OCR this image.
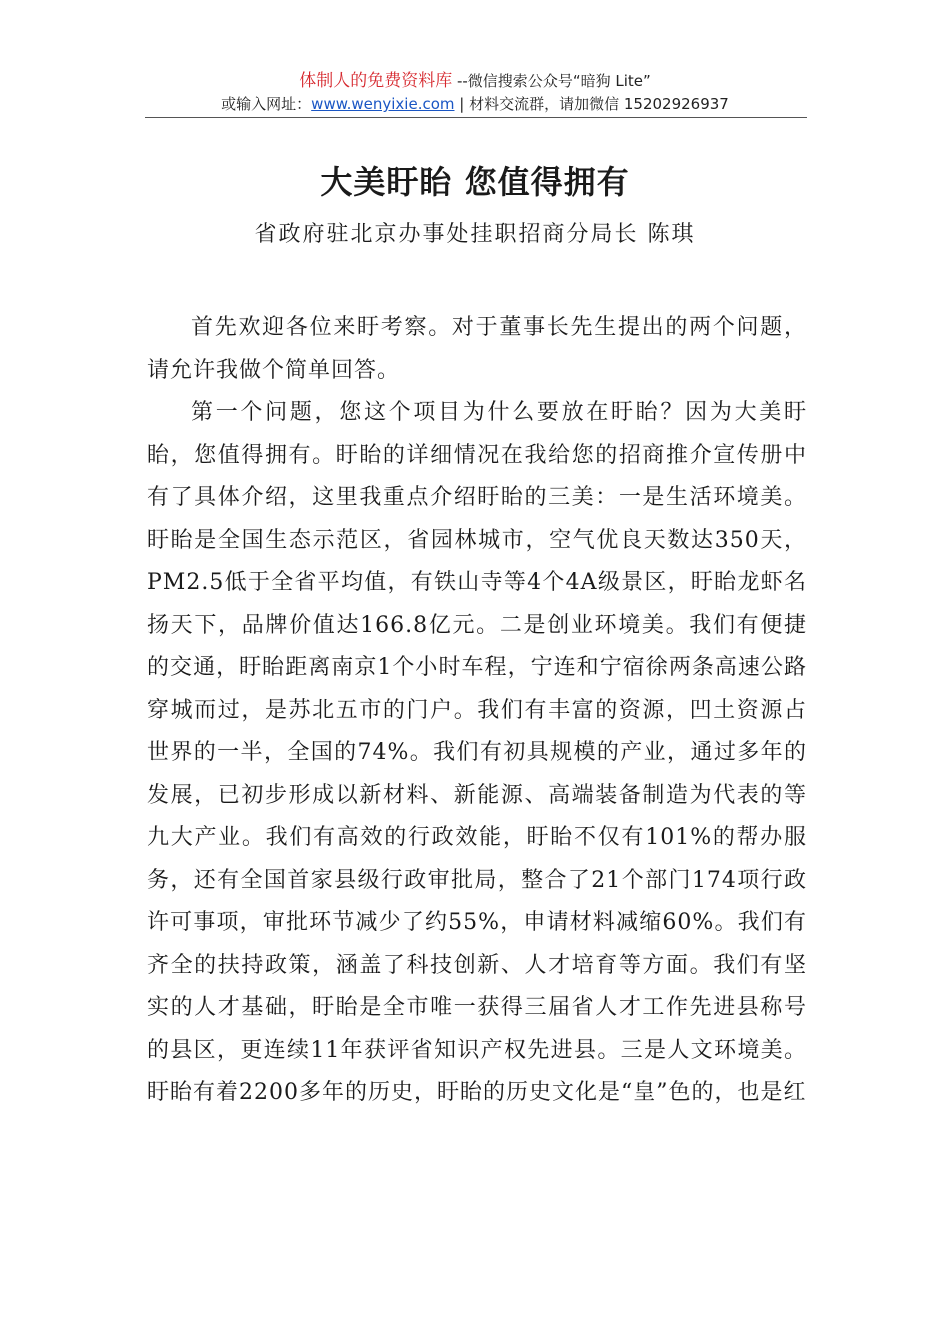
体制人的免费资料库 --微信搜索公众号“暗狗 Lite”
或输入网址：www.wenyixie.com | 材料交流群，请加微信 15202926937
大美盱眙 您值得拥有
省政府驻北京办事处挂职招商分局长 陈琪

首先欢迎各位来盱考察。对于董事长先生提出的两个问题，请允许我做个简单回答。

第一个问题，您这个项目为什么要放在盱眙？因为大美盱眙，您值得拥有。盱眙的详细情况在我给您的招商推介宣传册中有了具体介绍，这里我重点介绍盱眙的三美：一是生活环境美。盱眙是全国生态示范区，省园林城市，空气优良天数达350天，PM2.5低于全省平均值，有铁山寺等4个4A级景区，盱眙龙虾名扬天下，品牌价值达166.8亿元。二是创业环境美。我们有便捷的交通，盱眙距离南京1个小时车程，宁连和宁宿徐两条高速公路穿城而过，是苏北五市的门户。我们有丰富的资源，凹土资源占世界的一半，全国的74%。我们有初具规模的产业，通过多年的发展，已初步形成以新材料、新能源、高端装备制造为代表的等九大产业。我们有高效的行政效能，盱眙不仅有101%的帮办服务，还有全国首家县级行政审批局，整合了21个部门174项行政许可事项，审批环节减少了约55%，申请材料减缩60%。我们有齐全的扶持政策，涵盖了科技创新、人才培育等方面。我们有坚实的人才基础，盱眙是全市唯一获得三届省人才工作先进县称号的县区，更连续11年获评省知识产权先进县。三是人文环境美。盱眙有着2200多年的历史，盱眙的历史文化是“皇”色的，也是红
